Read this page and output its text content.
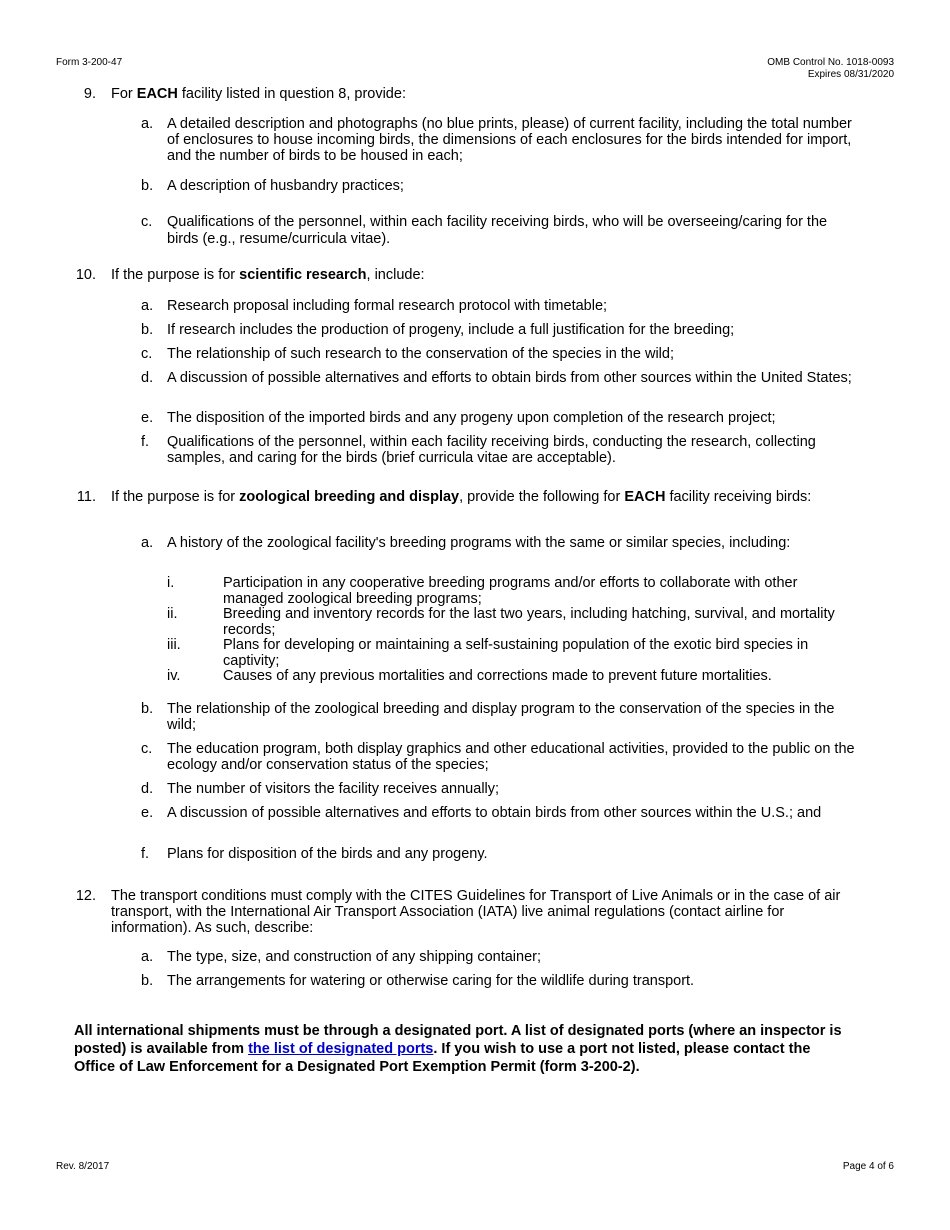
Form 3-200-47	OMB Control No. 1018-0093
Expires 08/31/2020
9. For EACH facility listed in question 8, provide:
a. A detailed description and photographs (no blue prints, please) of current facility, including the total number of enclosures to house incoming birds, the dimensions of each enclosures for the birds intended for import, and the number of birds to be housed in each;
b. A description of husbandry practices;
c. Qualifications of the personnel, within each facility receiving birds, who will be overseeing/caring for the birds (e.g., resume/curricula vitae).
10. If the purpose is for scientific research, include:
a. Research proposal including formal research protocol with timetable;
b. If research includes the production of progeny, include a full justification for the breeding;
c. The relationship of such research to the conservation of the species in the wild;
d. A discussion of possible alternatives and efforts to obtain birds from other sources within the United States;
e. The disposition of the imported birds and any progeny upon completion of the research project;
f. Qualifications of the personnel, within each facility receiving birds, conducting the research, collecting samples, and caring for the birds (brief curricula vitae are acceptable).
11. If the purpose is for zoological breeding and display, provide the following for EACH facility receiving birds:
a. A history of the zoological facility's breeding programs with the same or similar species, including:
i.	Participation in any cooperative breeding programs and/or efforts to collaborate with other managed zoological breeding programs;
ii.	Breeding and inventory records for the last two years, including hatching, survival, and mortality records;
iii.	Plans for developing or maintaining a self-sustaining population of the exotic bird species in captivity;
iv.	Causes of any previous mortalities and corrections made to prevent future mortalities.
b. The relationship of the zoological breeding and display program to the conservation of the species in the wild;
c. The education program, both display graphics and other educational activities, provided to the public on the ecology and/or conservation status of the species;
d. The number of visitors the facility receives annually;
e. A discussion of possible alternatives and efforts to obtain birds from other sources within the U.S.; and
f. Plans for disposition of the birds and any progeny.
12. The transport conditions must comply with the CITES Guidelines for Transport of Live Animals or in the case of air transport, with the International Air Transport Association (IATA) live animal regulations (contact airline for information). As such, describe:
a. The type, size, and construction of any shipping container;
b. The arrangements for watering or otherwise caring for the wildlife during transport.
All international shipments must be through a designated port. A list of designated ports (where an inspector is posted) is available from the list of designated ports. If you wish to use a port not listed, please contact the Office of Law Enforcement for a Designated Port Exemption Permit (form 3-200-2).
Rev. 8/2017	Page 4 of 6
